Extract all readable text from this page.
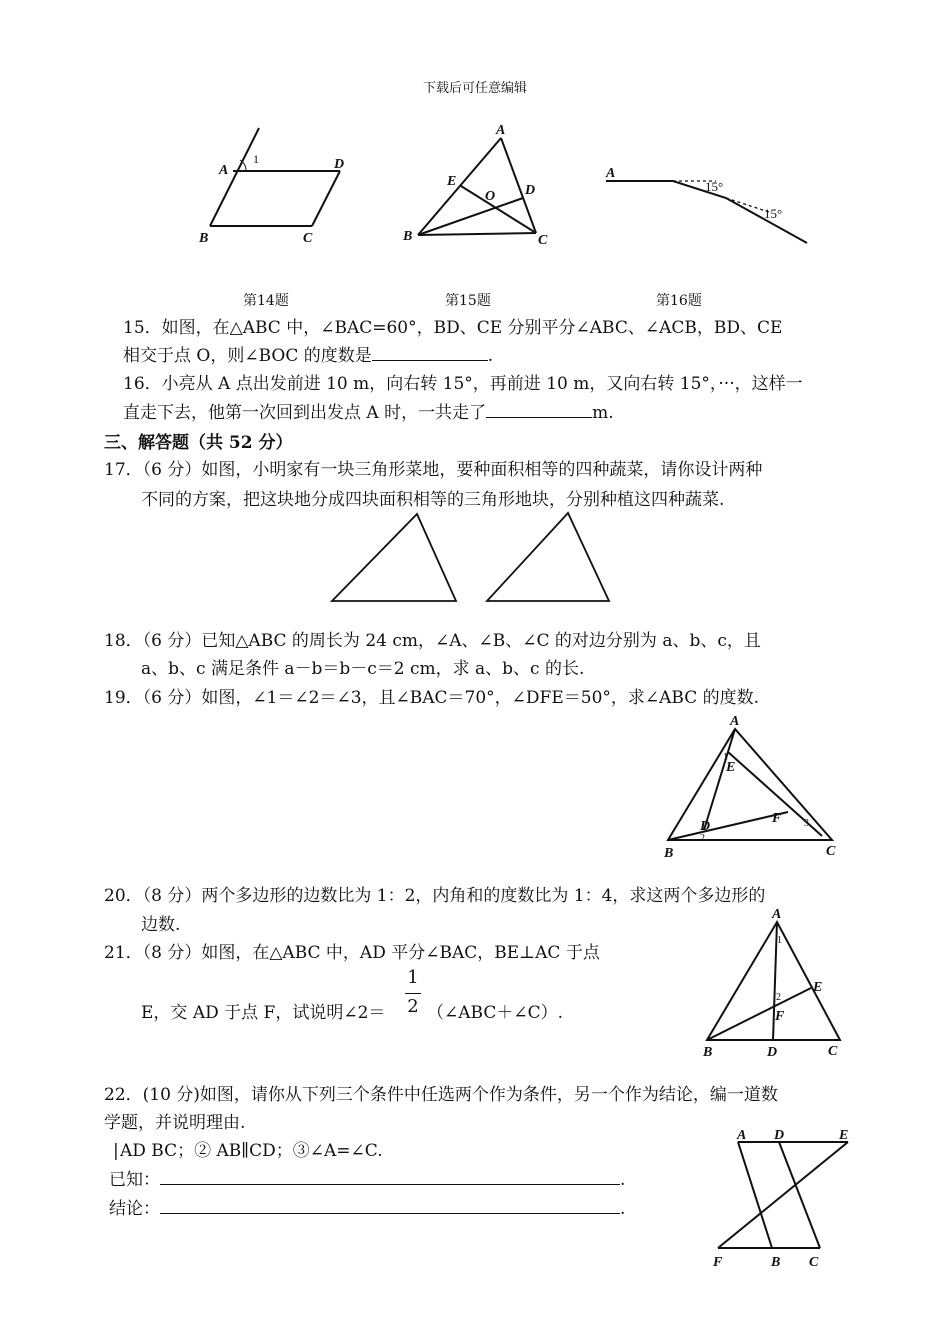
下载后可任意编辑
A	D
B	C
1
A
E
O D
B	C
A
15°
15°
第14题	第15题	第16题
15．如图，在△ABC 中，∠BAC=60°，BD、CE 分别平分∠ABC、∠ACB，BD、CE
相交于点 O，则∠BOC 的度数是	.
16．小亮从 A 点出发前进 10 m，向右转 15°，再前进 10 m，又向右转 15°，···，这样一
直走下去，他第一次回到出发点 A 时，一共走了	m.
三、解答题（共 52 分）
17．（6 分）如图，小明家有一块三角形菜地，要种面积相等的四种蔬菜，请你设计两种
不同的方案，把这块地分成四块面积相等的三角形地块，分别种植这四种蔬菜.
18．（6 分）已知△ABC 的周长为 24 cm，∠A、∠B、∠C 的对边分别为 a、b、c，且
a、b、c 满足条件 a－b＝b－c＝2 cm，求 a、b、c 的长.
19．（6 分）如图，∠1＝∠2＝∠3，且∠BAC＝70°，∠DFE＝50°，求∠ABC 的度数.
A
E
D
F
B	C
1
2
3
20．（8 分）两个多边形的边数比为 1：2，内角和的度数比为 1：4，求这两个多边形的
边数.
21．（8 分）如图，在△ABC 中，AD 平分∠BAC，BE⊥AC 于点
E，交 AD 于点 F，试说明∠2＝
1
2 （∠ABC＋∠C）.
A
E
F
B	D	C
1
2
22．(10 分)如图，请你从下列三个条件中任选两个作为条件，另一个作为结论，编一道数
学题，并说明理由.
| AD BC；② AB∥CD；③∠A=∠C.
已知：	.
结论：	.
A D	E
F	B C
